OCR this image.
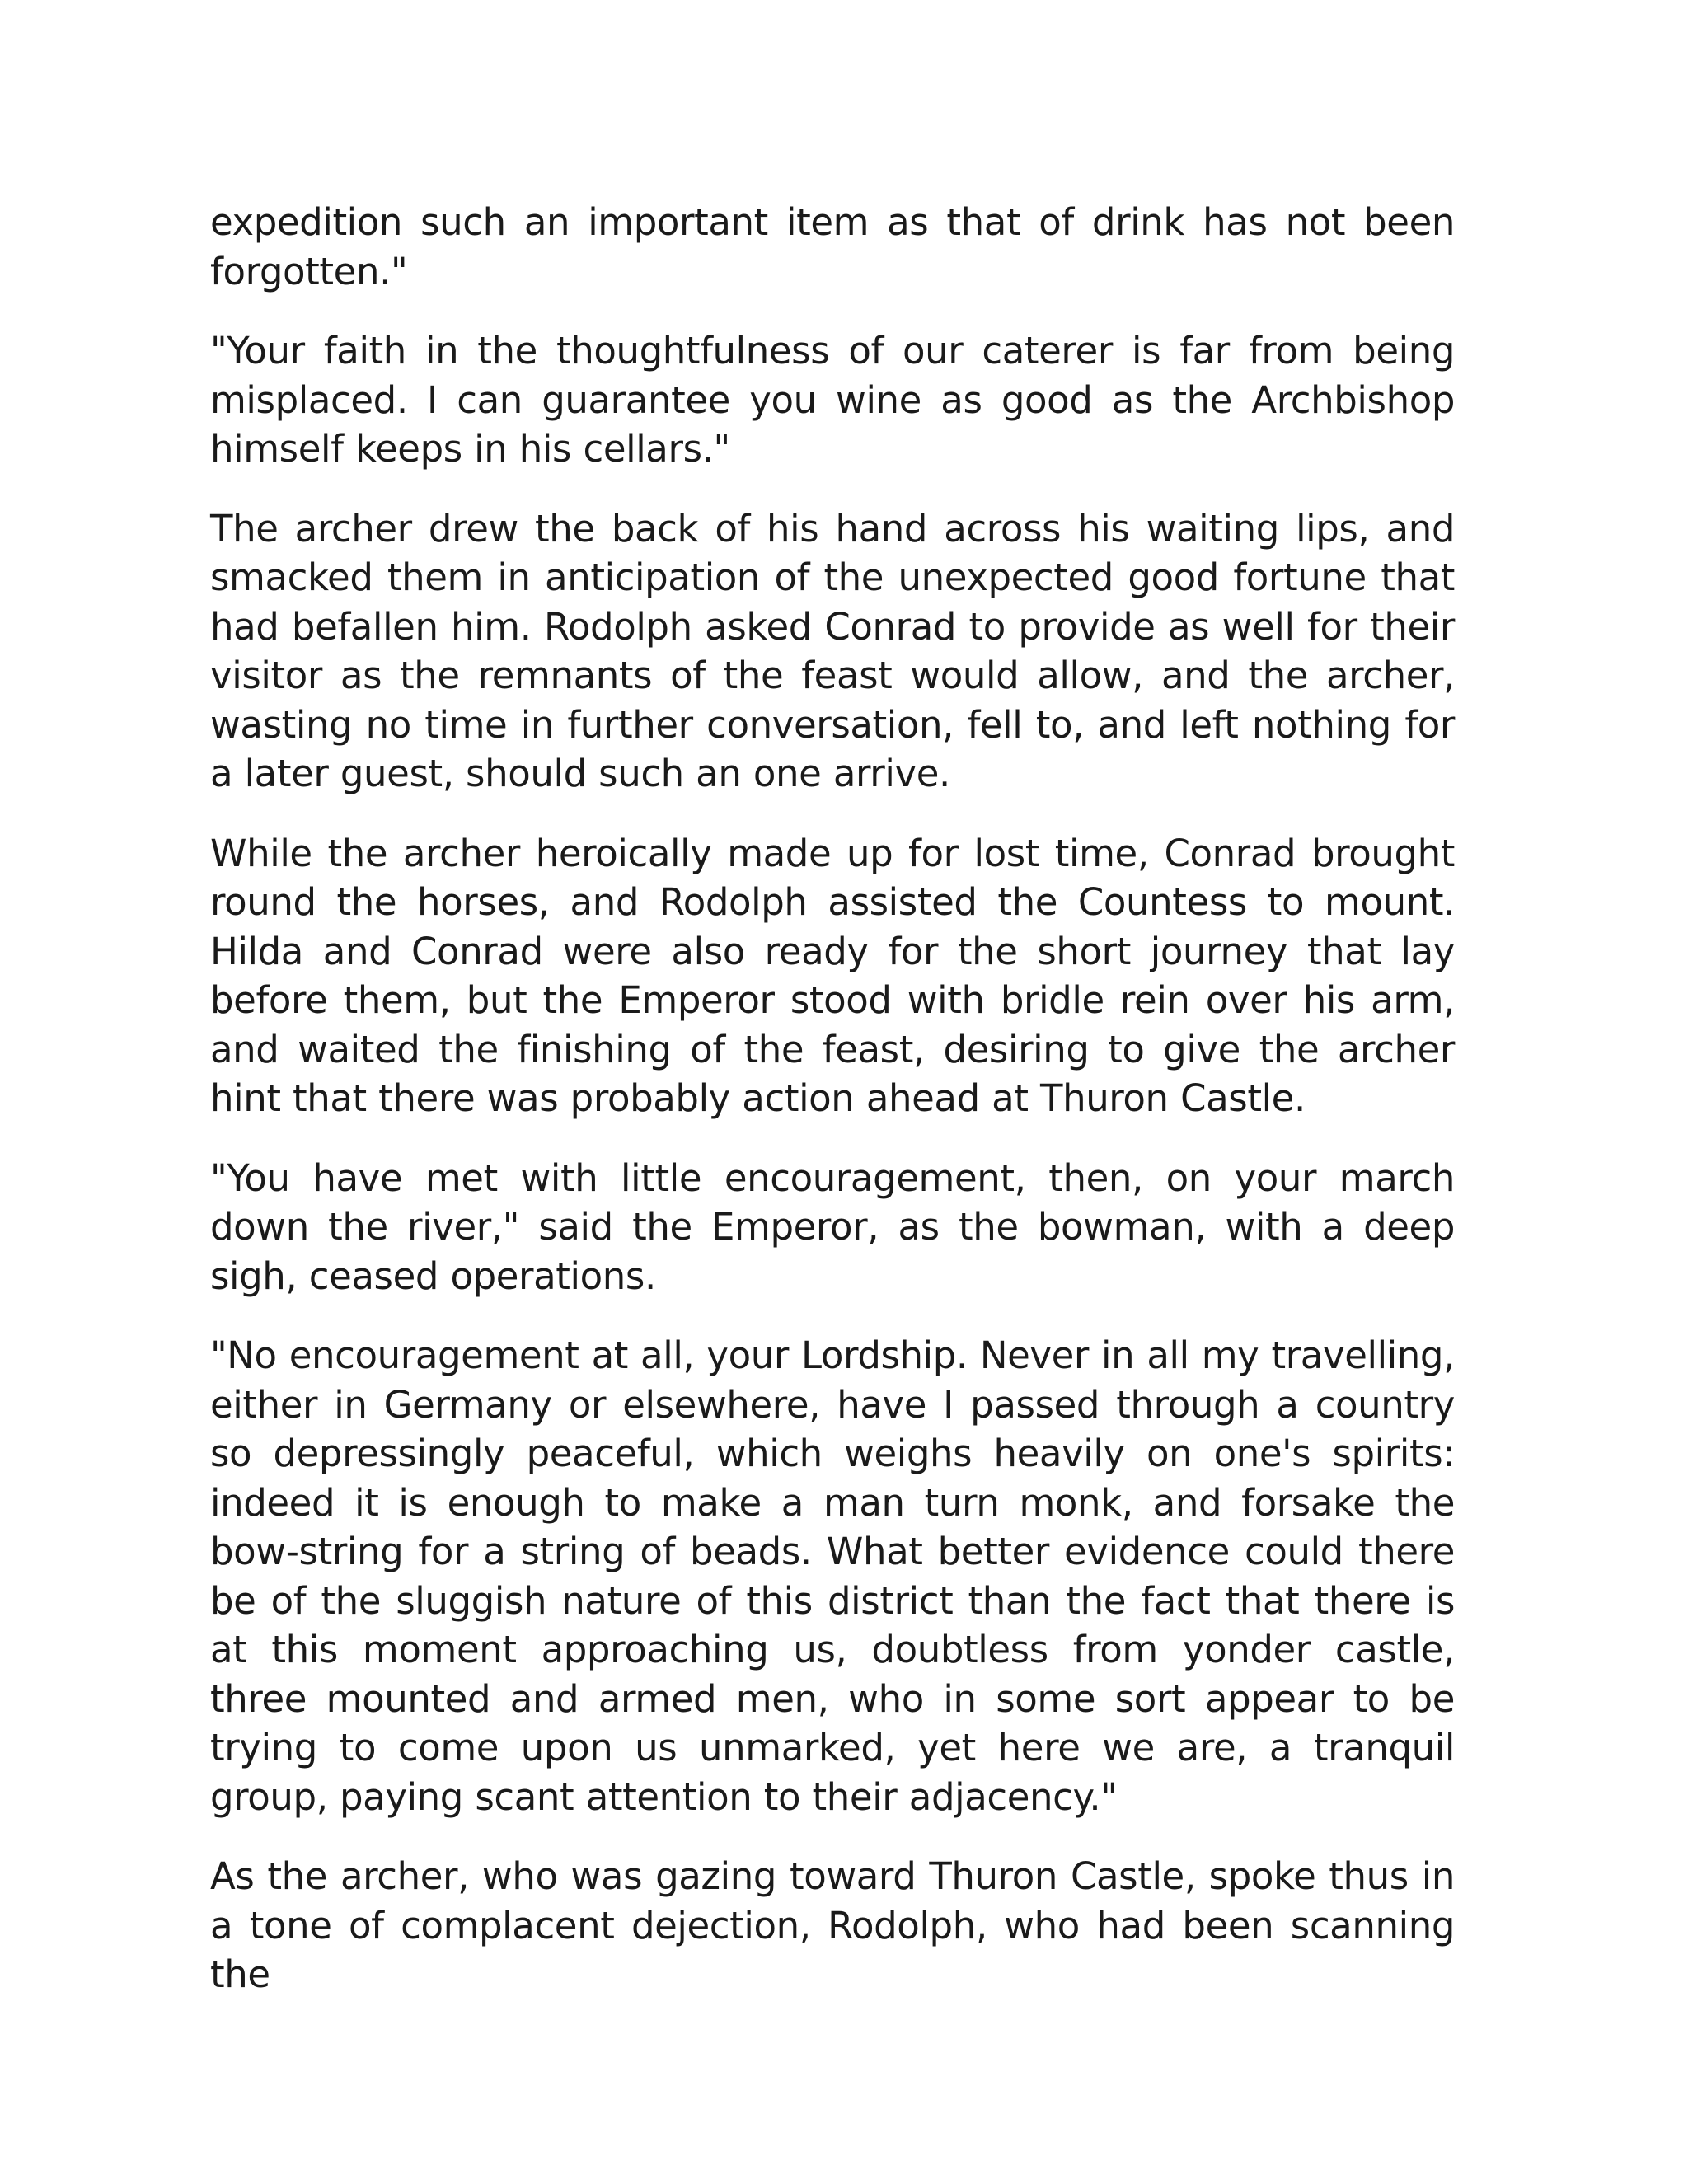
expedition such an important item as that of drink has not been forgotten."

"Your faith in the thoughtfulness of our caterer is far from being misplaced. I can guarantee you wine as good as the Archbishop himself keeps in his cellars."

The archer drew the back of his hand across his waiting lips, and smacked them in anticipation of the unexpected good fortune that had befallen him. Rodolph asked Conrad to provide as well for their visitor as the remnants of the feast would allow, and the archer, wasting no time in further conversation, fell to, and left nothing for a later guest, should such an one arrive.

While the archer heroically made up for lost time, Conrad brought round the horses, and Rodolph assisted the Countess to mount. Hilda and Conrad were also ready for the short journey that lay before them, but the Emperor stood with bridle rein over his arm, and waited the finishing of the feast, desiring to give the archer hint that there was probably action ahead at Thuron Castle.

"You have met with little encouragement, then, on your march down the river," said the Emperor, as the bowman, with a deep sigh, ceased operations.

"No encouragement at all, your Lordship. Never in all my travelling, either in Germany or elsewhere, have I passed through a country so depressingly peaceful, which weighs heavily on one's spirits: indeed it is enough to make a man turn monk, and forsake the bow-string for a string of beads. What better evidence could there be of the sluggish nature of this district than the fact that there is at this moment approaching us, doubtless from yonder castle, three mounted and armed men, who in some sort appear to be trying to come upon us unmarked, yet here we are, a tranquil group, paying scant attention to their adjacency."

As the archer, who was gazing toward Thuron Castle, spoke thus in a tone of complacent dejection, Rodolph, who had been scanning the
